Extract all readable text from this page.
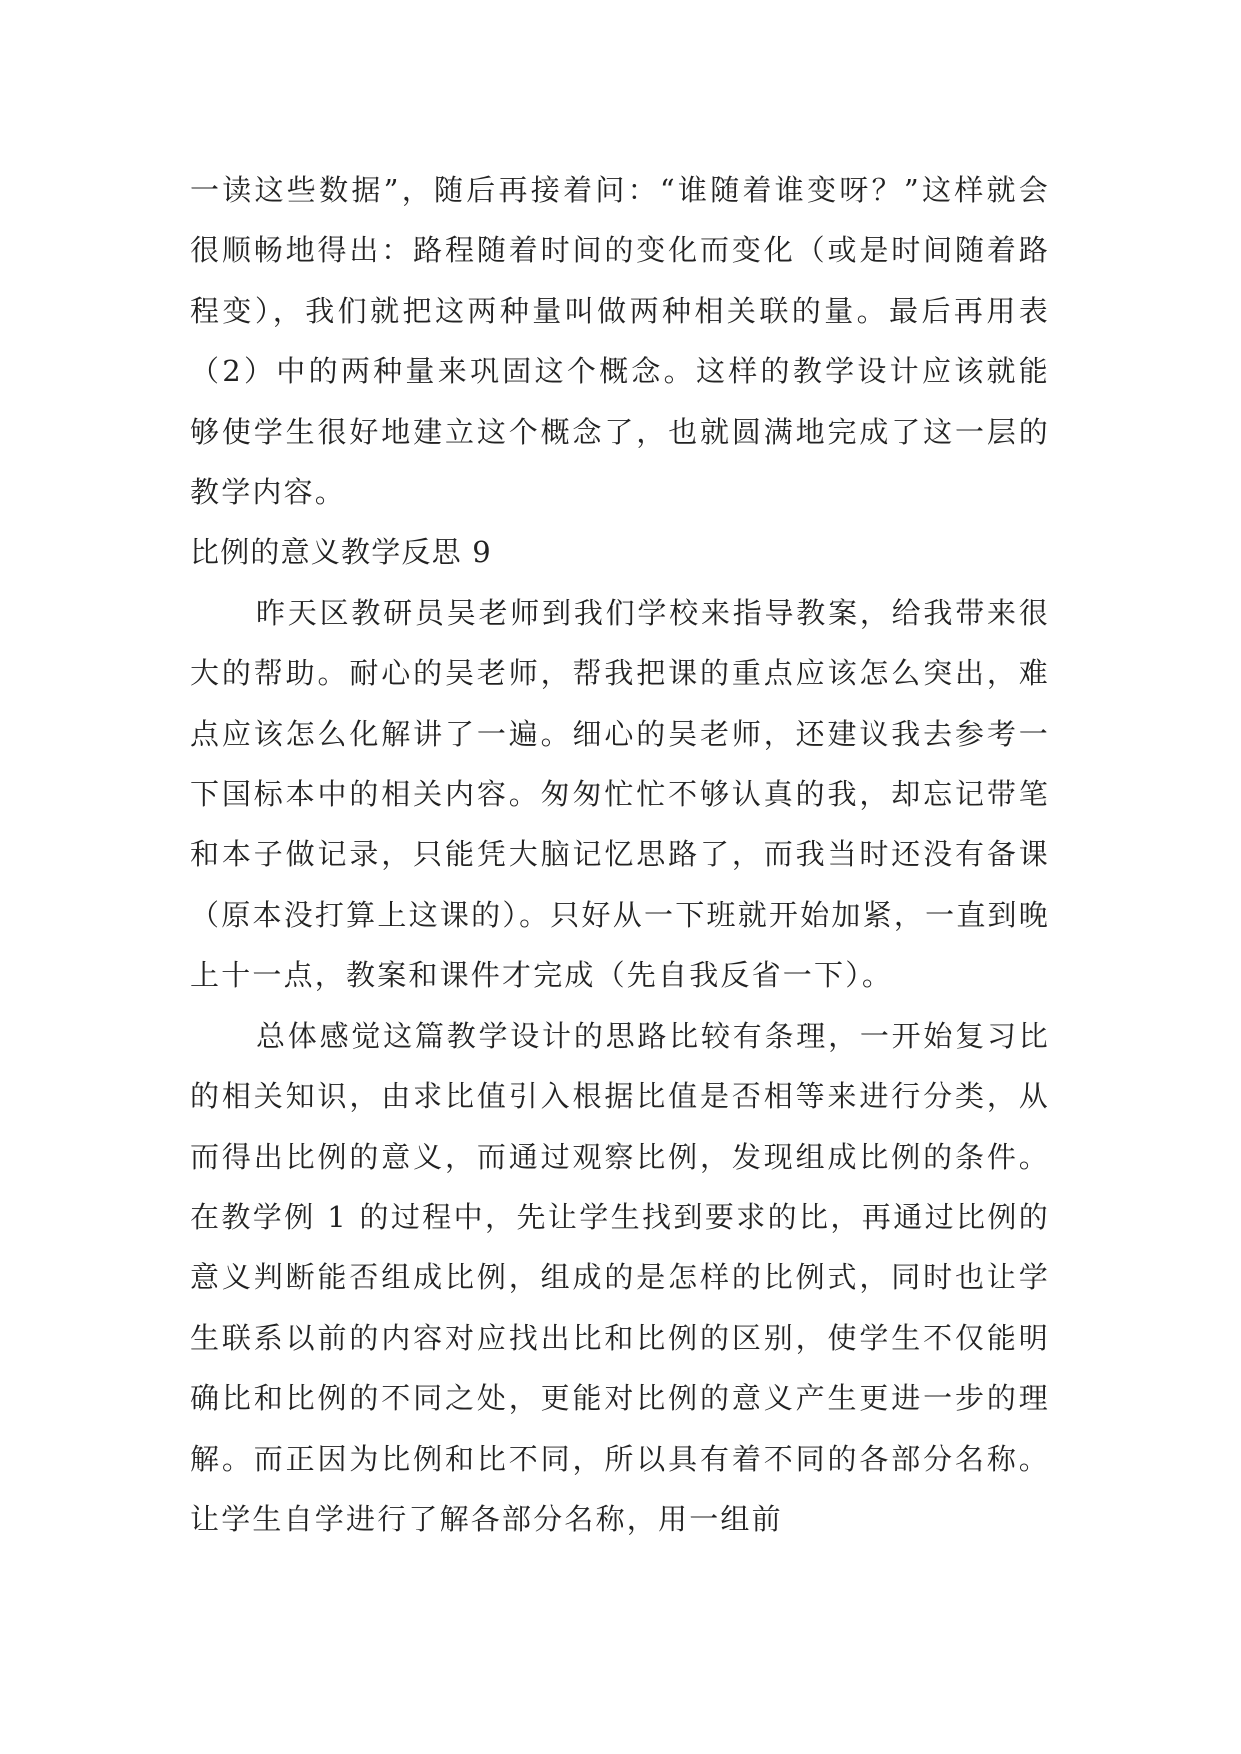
一读这些数据”，随后再接着问：“谁随着谁变呀？”这样就会很顺畅地得出：路程随着时间的变化而变化（或是时间随着路程变），我们就把这两种量叫做两种相关联的量。最后再用表（2）中的两种量来巩固这个概念。这样的教学设计应该就能够使学生很好地建立这个概念了，也就圆满地完成了这一层的教学内容。

比例的意义教学反思 9

昨天区教研员吴老师到我们学校来指导教案，给我带来很大的帮助。耐心的吴老师，帮我把课的重点应该怎么突出，难点应该怎么化解讲了一遍。细心的吴老师，还建议我去参考一下国标本中的相关内容。匆匆忙忙不够认真的我，却忘记带笔和本子做记录，只能凭大脑记忆思路了，而我当时还没有备课（原本没打算上这课的）。只好从一下班就开始加紧，一直到晚上十一点，教案和课件才完成（先自我反省一下）。

总体感觉这篇教学设计的思路比较有条理，一开始复习比的相关知识，由求比值引入根据比值是否相等来进行分类，从而得出比例的意义，而通过观察比例，发现组成比例的条件。在教学例 1 的过程中，先让学生找到要求的比，再通过比例的意义判断能否组成比例，组成的是怎样的比例式，同时也让学生联系以前的内容对应找出比和比例的区别，使学生不仅能明确比和比例的不同之处，更能对比例的意义产生更进一步的理解。而正因为比例和比不同，所以具有着不同的各部分名称。让学生自学进行了解各部分名称，用一组前
